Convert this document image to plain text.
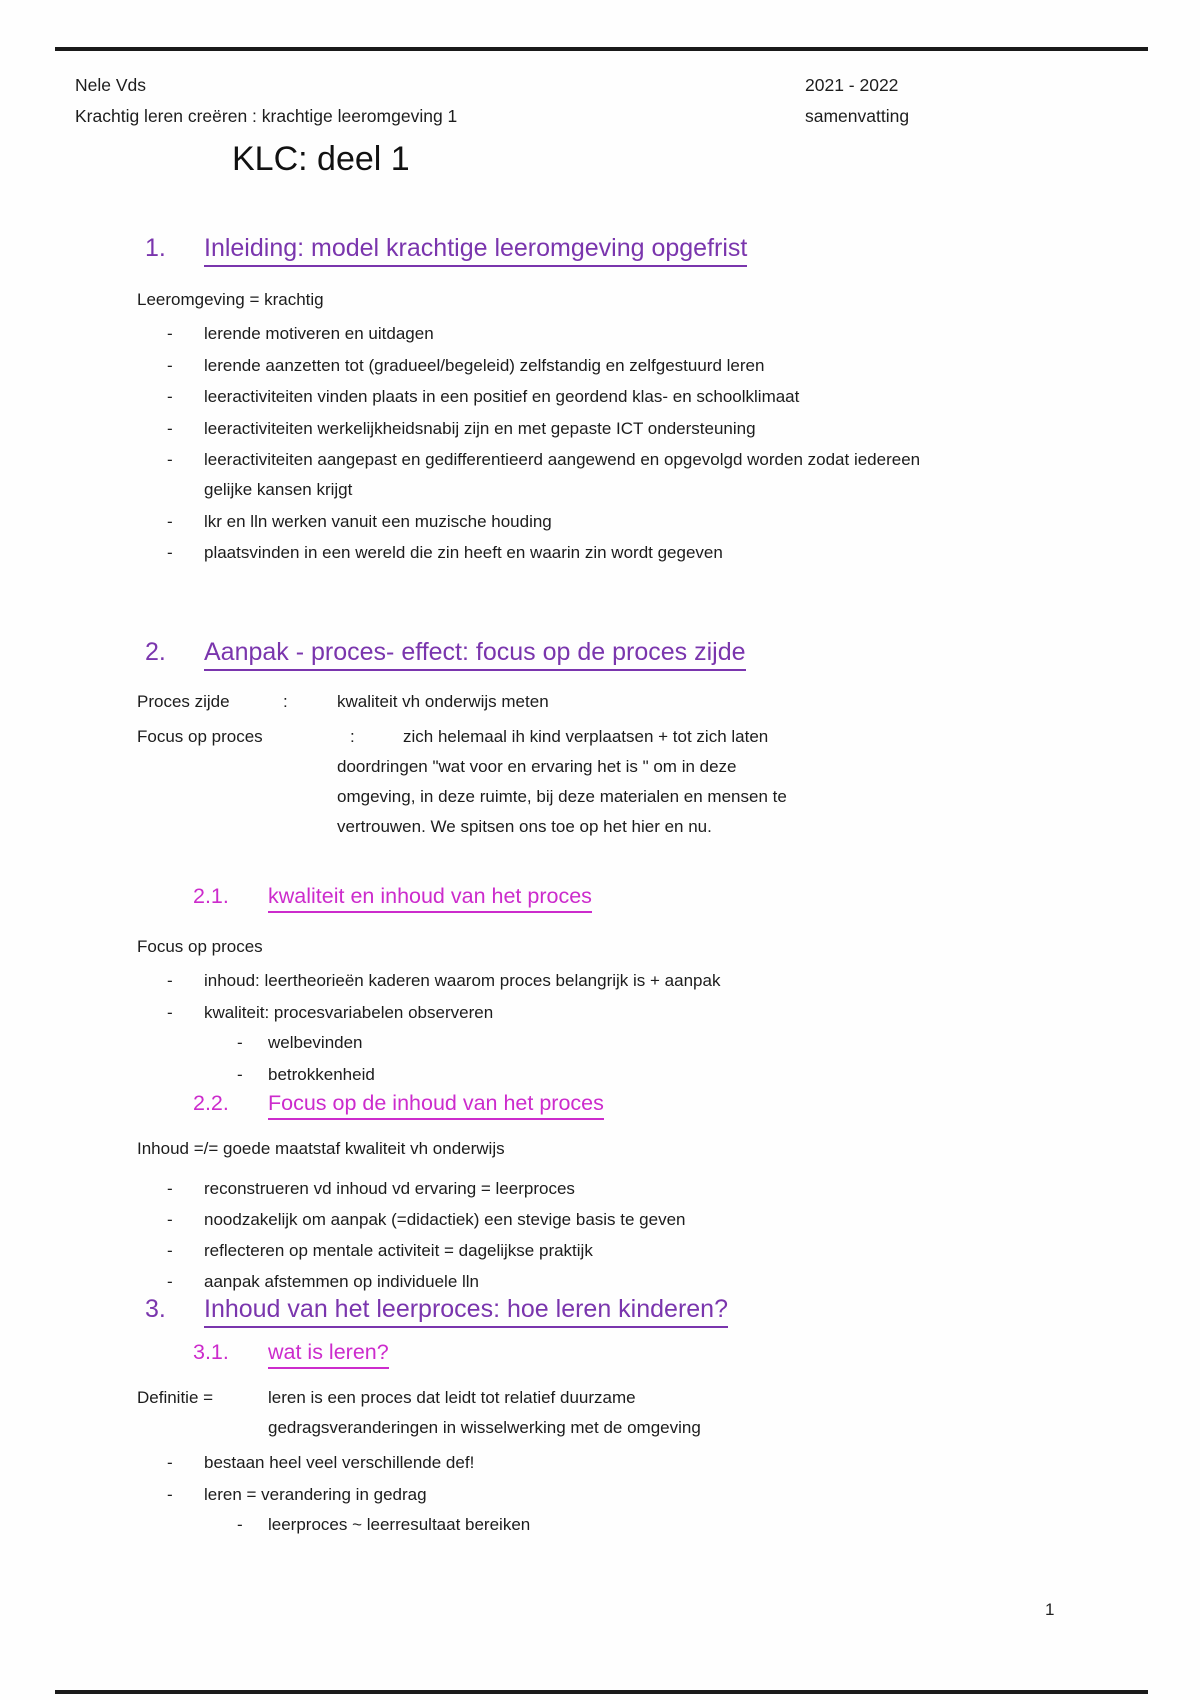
Nele Vds
Krachtig leren creëren : krachtige leeromgeving 1
2021 - 2022
samenvatting
KLC: deel 1
1.	Inleiding: model krachtige leeromgeving opgefrist
Leeromgeving = krachtig
-	lerende motiveren en uitdagen
-	lerende aanzetten tot (gradueel/begeleid) zelfstandig en zelfgestuurd leren
-	leeractiviteiten vinden plaats in een positief en geordend klas- en schoolklimaat
-	leeractiviteiten werkelijkheidsnabij zijn en met gepaste ICT ondersteuning
-	leeractiviteiten aangepast en gedifferentieerd aangewend en opgevolgd worden zodat iedereen gelijke kansen krijgt
-	lkr en lln werken vanuit een muzische houding
-	plaatsvinden in een wereld die zin heeft en waarin zin wordt gegeven
2.	Aanpak - proces- effect: focus op de proces zijde
Proces zijde	:	kwaliteit vh onderwijs meten
Focus op proces	:	zich helemaal ih kind verplaatsen + tot zich laten
doordringen "wat voor en ervaring het is " om in deze
omgeving, in deze ruimte, bij deze materialen en mensen te
vertrouwen. We spitsen ons toe op het hier en nu.
2.1.	kwaliteit en inhoud van het proces
Focus op proces
-	inhoud: leertheorieën kaderen waarom proces belangrijk is + aanpak
-	kwaliteit: procesvariabelen observeren
-	welbevinden
-	betrokkenheid
2.2.	Focus op de inhoud van het proces
Inhoud =/= goede maatstaf kwaliteit vh onderwijs
-	reconstrueren vd inhoud vd ervaring = leerproces
-	noodzakelijk om aanpak (=didactiek) een stevige basis te geven
-	reflecteren op mentale activiteit = dagelijkse praktijk
-	aanpak afstemmen op individuele lln
3.	Inhoud van het leerproces: hoe leren kinderen?
3.1.	wat is leren?
Definitie =	leren is een proces dat leidt tot relatief duurzame
gedragsveranderingen in wisselwerking met de omgeving
-	bestaan heel veel verschillende def!
-	leren = verandering in gedrag
-	leerproces ~ leerresultaat bereiken
1
